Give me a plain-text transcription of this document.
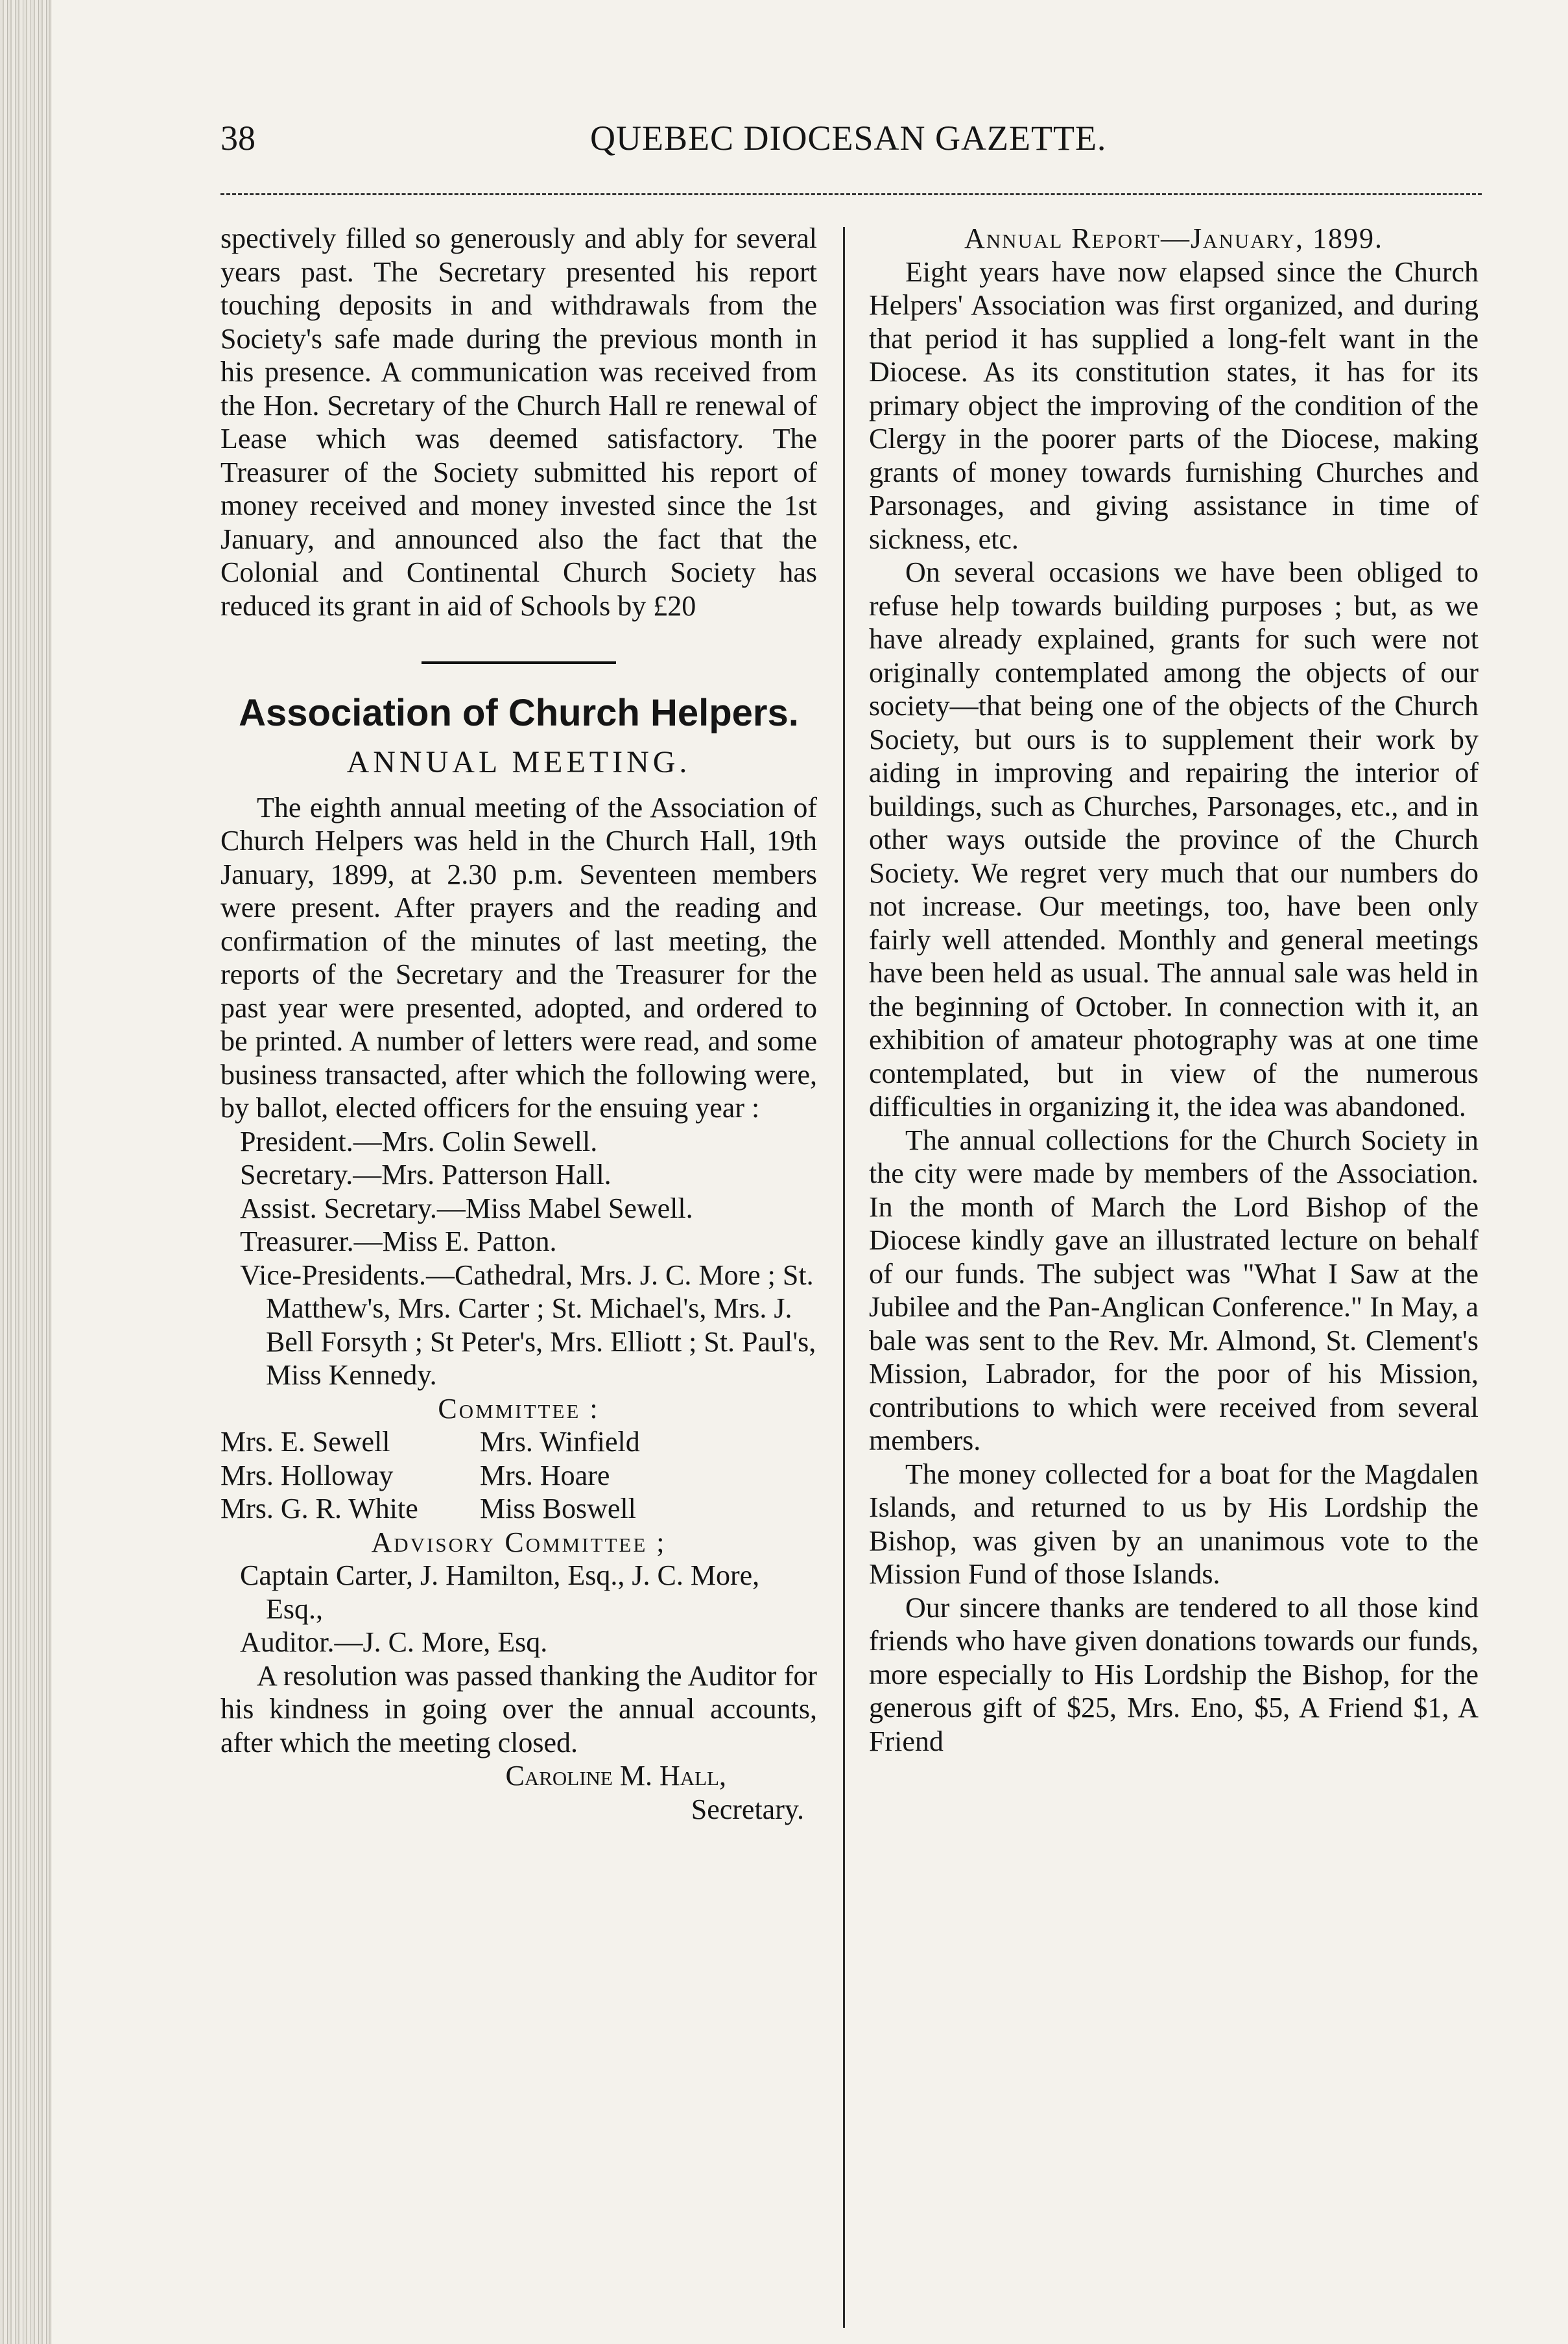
38	QUEBEC DIOCESAN GAZETTE.

spectively filled so generously and ably for several years past. The Secretary presented his report touching deposits in and withdrawals from the Society's safe made during the previous month in his presence. A communication was received from the Hon. Secretary of the Church Hall re renewal of Lease which was deemed satisfactory. The Treasurer of the Society submitted his report of money received and money invested since the 1st January, and announced also the fact that the Colonial and Continental Church Society has reduced its grant in aid of Schools by £20

Association of Church Helpers.
ANNUAL MEETING.

The eighth annual meeting of the Association of Church Helpers was held in the Church Hall, 19th January, 1899, at 2.30 p.m. Seventeen members were present. After prayers and the reading and confirmation of the minutes of last meeting, the reports of the Secretary and the Treasurer for the past year were presented, adopted, and ordered to be printed. A number of letters were read, and some business transacted, after which the following were, by ballot, elected officers for the ensuing year :

President.—Mrs. Colin Sewell.

Secretary.—Mrs. Patterson Hall.

Assist. Secretary.—Miss Mabel Sewell.

Treasurer.—Miss E. Patton.

Vice-Presidents.—Cathedral, Mrs. J. C. More ; St. Matthew's, Mrs. Carter ; St. Michael's, Mrs. J. Bell Forsyth ; St Peter's, Mrs. Elliott ; St. Paul's, Miss Kennedy.

Committee :

Mrs. E. Sewell	Mrs. Winfield
Mrs. Holloway	Mrs. Hoare
Mrs. G. R. White	Miss Boswell

Advisory Committee ;

Captain Carter, J. Hamilton, Esq., J. C. More, Esq.,

Auditor.—J. C. More, Esq.

A resolution was passed thanking the Auditor for his kindness in going over the annual accounts, after which the meeting closed.

Caroline M. Hall,

Secretary.

Annual Report—January, 1899.

Eight years have now elapsed since the Church Helpers' Association was first organized, and during that period it has supplied a long-felt want in the Diocese. As its constitution states, it has for its primary object the improving of the condition of the Clergy in the poorer parts of the Diocese, making grants of money towards furnishing Churches and Parsonages, and giving assistance in time of sickness, etc.

On several occasions we have been obliged to refuse help towards building purposes ; but, as we have already explained, grants for such were not originally contemplated among the objects of our society—that being one of the objects of the Church Society, but ours is to supplement their work by aiding in improving and repairing the interior of buildings, such as Churches, Parsonages, etc., and in other ways outside the province of the Church Society. We regret very much that our numbers do not increase. Our meetings, too, have been only fairly well attended. Monthly and general meetings have been held as usual. The annual sale was held in the beginning of October. In connection with it, an exhibition of amateur photography was at one time contemplated, but in view of the numerous difficulties in organizing it, the idea was abandoned.

The annual collections for the Church Society in the city were made by members of the Association. In the month of March the Lord Bishop of the Diocese kindly gave an illustrated lecture on behalf of our funds. The subject was "What I Saw at the Jubilee and the Pan-Anglican Conference." In May, a bale was sent to the Rev. Mr. Almond, St. Clement's Mission, Labrador, for the poor of his Mission, contributions to which were received from several members.

The money collected for a boat for the Magdalen Islands, and returned to us by His Lordship the Bishop, was given by an unanimous vote to the Mission Fund of those Islands.

Our sincere thanks are tendered to all those kind friends who have given donations towards our funds, more especially to His Lordship the Bishop, for the generous gift of $25, Mrs. Eno, $5, A Friend $1, A Friend
